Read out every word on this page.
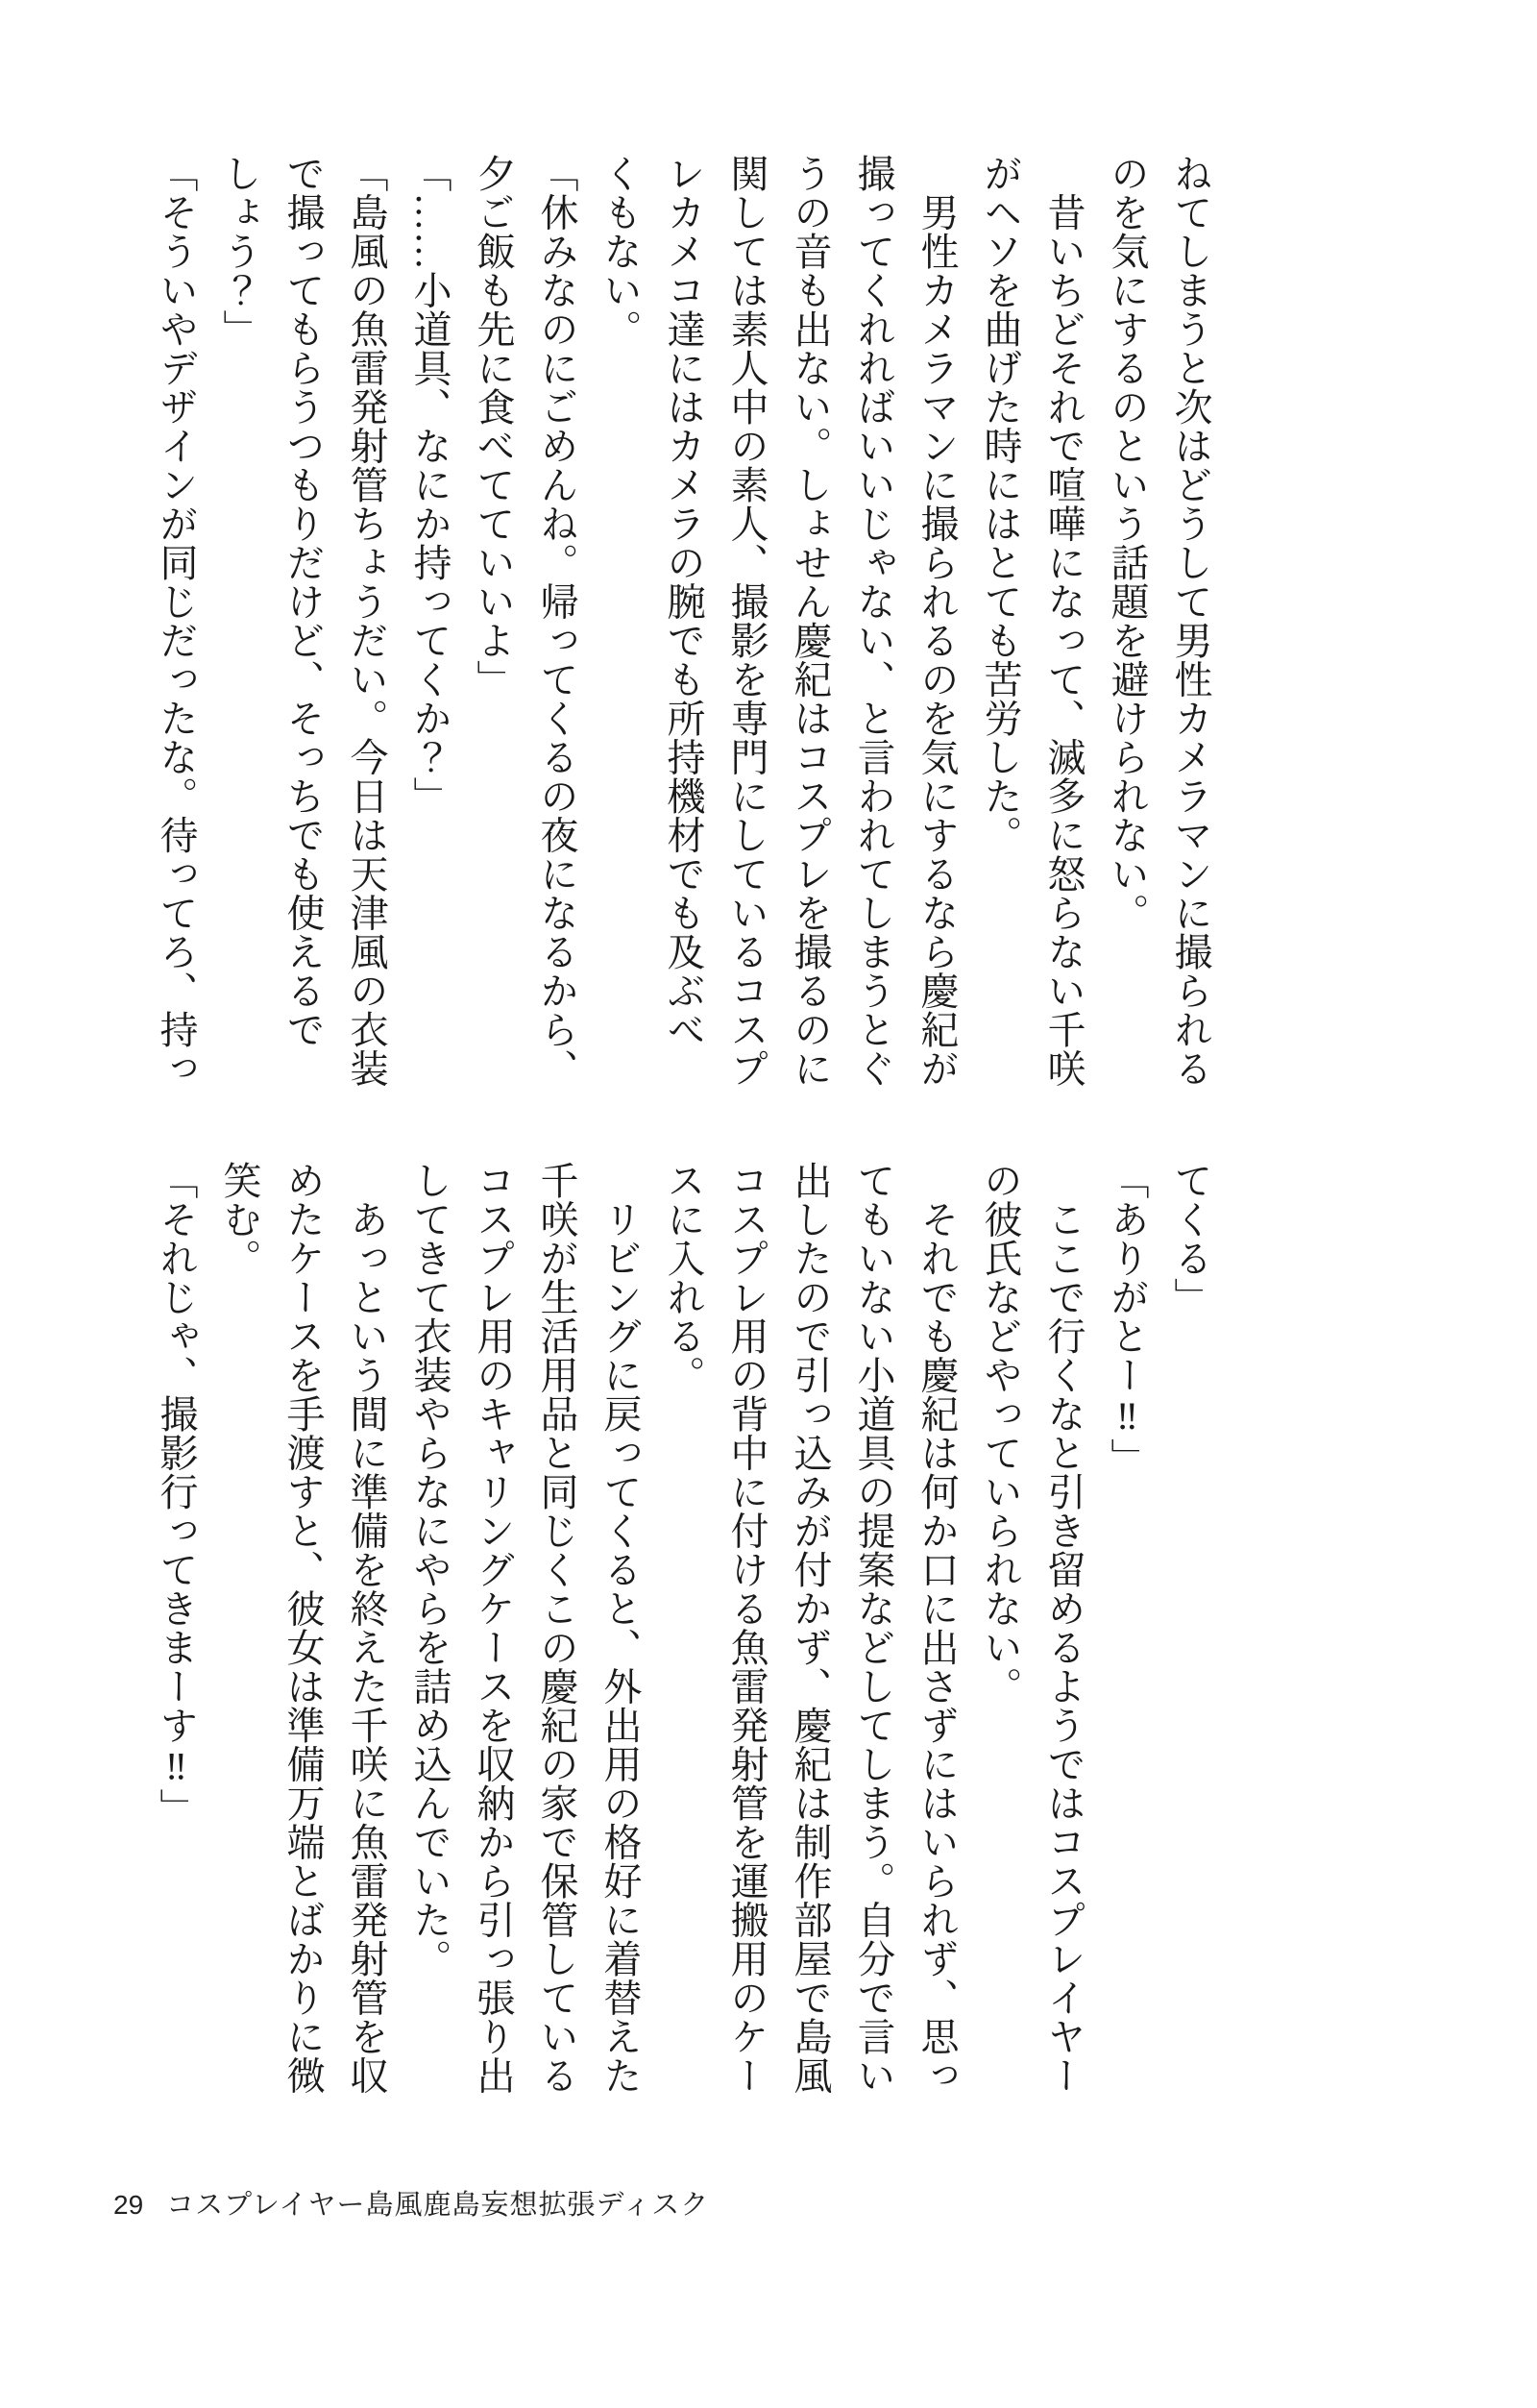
ねてしまうと次はどうして男性カメラマンに撮られる

のを気にするのという話題を避けられない。

　昔いちどそれで喧嘩になって、滅多に怒らない千咲

がヘソを曲げた時にはとても苦労した。

　男性カメラマンに撮られるのを気にするなら慶紀が

撮ってくれればいいじゃない、と言われてしまうとぐ

うの音も出ない。しょせん慶紀はコスプレを撮るのに

関しては素人中の素人、撮影を専門にしているコスプ

レカメコ達にはカメラの腕でも所持機材でも及ぶべ

くもない。

「休みなのにごめんね。帰ってくるの夜になるから、

夕ご飯も先に食べてていいよ」

「……小道具、なにか持ってくか？」

「島風の魚雷発射管ちょうだい。今日は天津風の衣装

で撮ってもらうつもりだけど、そっちでも使えるで

しょう？」

「そういやデザインが同じだったな。待ってろ、持っ

てくる」

「ありがとー‼」

　ここで行くなと引き留めるようではコスプレイヤー

の彼氏などやっていられない。

　それでも慶紀は何か口に出さずにはいられず、思っ

てもいない小道具の提案などしてしまう。自分で言い

出したので引っ込みが付かず、慶紀は制作部屋で島風

コスプレ用の背中に付ける魚雷発射管を運搬用のケー

スに入れる。

　リビングに戻ってくると、外出用の格好に着替えた

千咲が生活用品と同じくこの慶紀の家で保管している

コスプレ用のキャリングケースを収納から引っ張り出

してきて衣装やらなにやらを詰め込んでいた。

　あっという間に準備を終えた千咲に魚雷発射管を収

めたケースを手渡すと、彼女は準備万端とばかりに微

笑む。

「それじゃ、撮影行ってきまーす‼」

29 コスプレイヤー島風鹿島妄想拡張ディスク
